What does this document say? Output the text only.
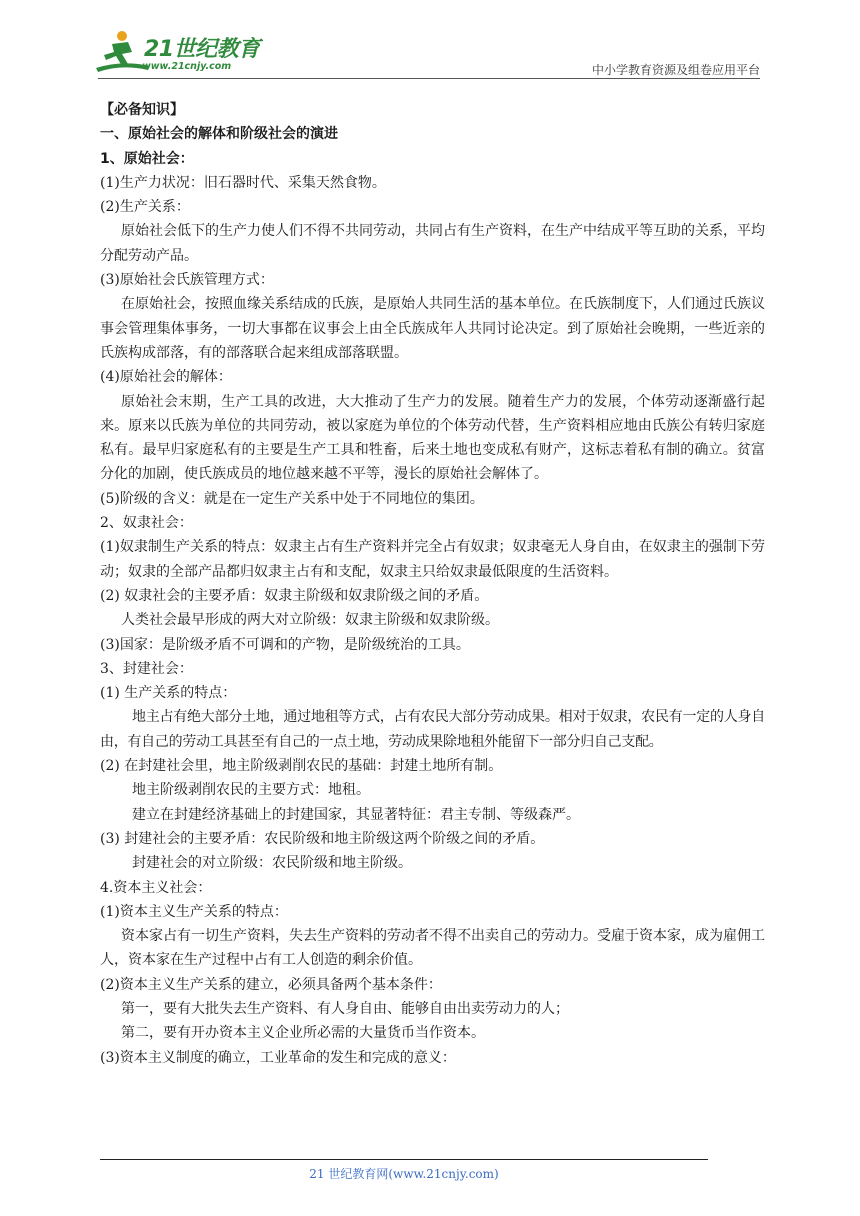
21世纪教育
www.21cnjy.com	中小学教育资源及组卷应用平台
【必备知识】
一、原始社会的解体和阶级社会的演进
1、原始社会：
(1)生产力状况：旧石器时代、采集天然食物。
(2)生产关系：
原始社会低下的生产力使人们不得不共同劳动，共同占有生产资料，在生产中结成平等互助的关系，平均分配劳动产品。
(3)原始社会氏族管理方式：
在原始社会，按照血缘关系结成的氏族，是原始人共同生活的基本单位。在氏族制度下，人们通过氏族议事会管理集体事务，一切大事都在议事会上由全氏族成年人共同讨论决定。到了原始社会晚期，一些近亲的氏族构成部落，有的部落联合起来组成部落联盟。
(4)原始社会的解体：
原始社会末期，生产工具的改进，大大推动了生产力的发展。随着生产力的发展，个体劳动逐渐盛行起来。原来以氏族为单位的共同劳动，被以家庭为单位的个体劳动代替，生产资料相应地由氏族公有转归家庭私有。最早归家庭私有的主要是生产工具和牲畜，后来土地也变成私有财产，这标志着私有制的确立。贫富分化的加剧，使氏族成员的地位越来越不平等，漫长的原始社会解体了。
(5)阶级的含义：就是在一定生产关系中处于不同地位的集团。
2、奴隶社会：
(1)奴隶制生产关系的特点：奴隶主占有生产资料并完全占有奴隶；奴隶毫无人身自由，在奴隶主的强制下劳动；奴隶的全部产品都归奴隶主占有和支配，奴隶主只给奴隶最低限度的生活资料。
(2) 奴隶社会的主要矛盾：奴隶主阶级和奴隶阶级之间的矛盾。
人类社会最早形成的两大对立阶级：奴隶主阶级和奴隶阶级。
(3)国家：是阶级矛盾不可调和的产物，是阶级统治的工具。
3、封建社会：
(1) 生产关系的特点：
地主占有绝大部分土地，通过地租等方式，占有农民大部分劳动成果。相对于奴隶，农民有一定的人身自由，有自己的劳动工具甚至有自己的一点土地，劳动成果除地租外能留下一部分归自己支配。
(2) 在封建社会里，地主阶级剥削农民的基础：封建土地所有制。
地主阶级剥削农民的主要方式：地租。
建立在封建经济基础上的封建国家，其显著特征：君主专制、等级森严。
(3) 封建社会的主要矛盾：农民阶级和地主阶级这两个阶级之间的矛盾。
封建社会的对立阶级：农民阶级和地主阶级。
4.资本主义社会：
(1)资本主义生产关系的特点：
资本家占有一切生产资料，失去生产资料的劳动者不得不出卖自己的劳动力。受雇于资本家，成为雇佣工人，资本家在生产过程中占有工人创造的剩余价值。
(2)资本主义生产关系的建立，必须具备两个基本条件：
第一，要有大批失去生产资料、有人身自由、能够自由出卖劳动力的人；
第二，要有开办资本主义企业所必需的大量货币当作资本。
(3)资本主义制度的确立，工业革命的发生和完成的意义：
21 世纪教育网(www.21cnjy.com)
